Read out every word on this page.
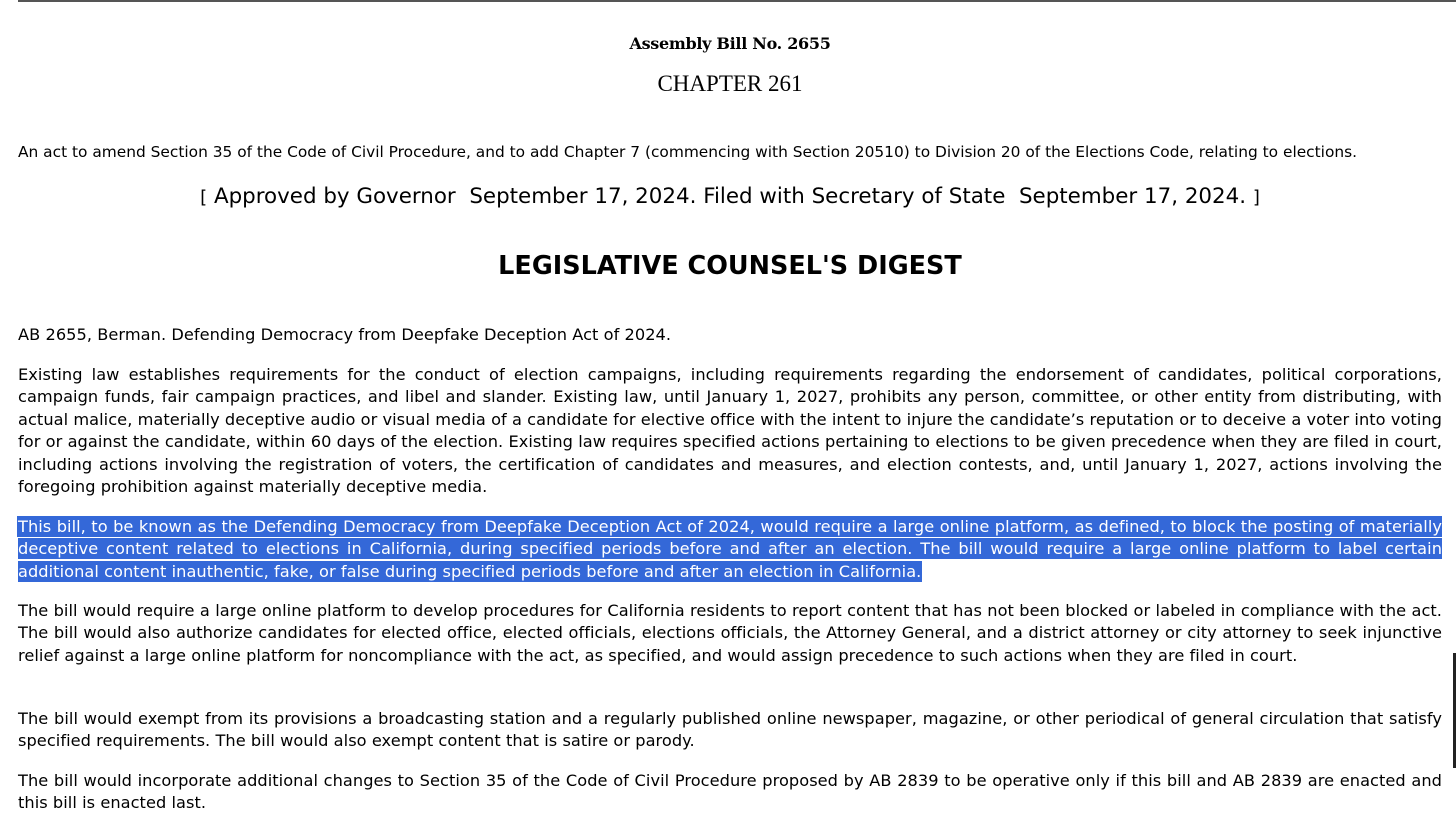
Assembly Bill No. 2655

CHAPTER 261

An act to amend Section 35 of the Code of Civil Procedure, and to add Chapter 7 (commencing with Section 20510) to Division 20 of the Elections Code, relating to elections.

[ Approved by Governor September 17, 2024. Filed with Secretary of State September 17, 2024. ]

LEGISLATIVE COUNSEL'S DIGEST

AB 2655, Berman. Defending Democracy from Deepfake Deception Act of 2024.

Existing law establishes requirements for the conduct of election campaigns, including requirements regarding the endorsement of candidates, political corporations, campaign funds, fair campaign practices, and libel and slander. Existing law, until January 1, 2027, prohibits any person, committee, or other entity from distributing, with actual malice, materially deceptive audio or visual media of a candidate for elective office with the intent to injure the candidate’s reputation or to deceive a voter into voting for or against the candidate, within 60 days of the election. Existing law requires specified actions pertaining to elections to be given precedence when they are filed in court, including actions involving the registration of voters, the certification of candidates and measures, and election contests, and, until January 1, 2027, actions involving the foregoing prohibition against materially deceptive media.

This bill, to be known as the Defending Democracy from Deepfake Deception Act of 2024, would require a large online platform, as defined, to block the posting of materially deceptive content related to elections in California, during specified periods before and after an election. The bill would require a large online platform to label certain additional content inauthentic, fake, or false during specified periods before and after an election in California.

The bill would require a large online platform to develop procedures for California residents to report content that has not been blocked or labeled in compliance with the act. The bill would also authorize candidates for elected office, elected officials, elections officials, the Attorney General, and a district attorney or city attorney to seek injunctive relief against a large online platform for noncompliance with the act, as specified, and would assign precedence to such actions when they are filed in court.

The bill would exempt from its provisions a broadcasting station and a regularly published online newspaper, magazine, or other periodical of general circulation that satisfy specified requirements. The bill would also exempt content that is satire or parody.

The bill would incorporate additional changes to Section 35 of the Code of Civil Procedure proposed by AB 2839 to be operative only if this bill and AB 2839 are enacted and this bill is enacted last.
